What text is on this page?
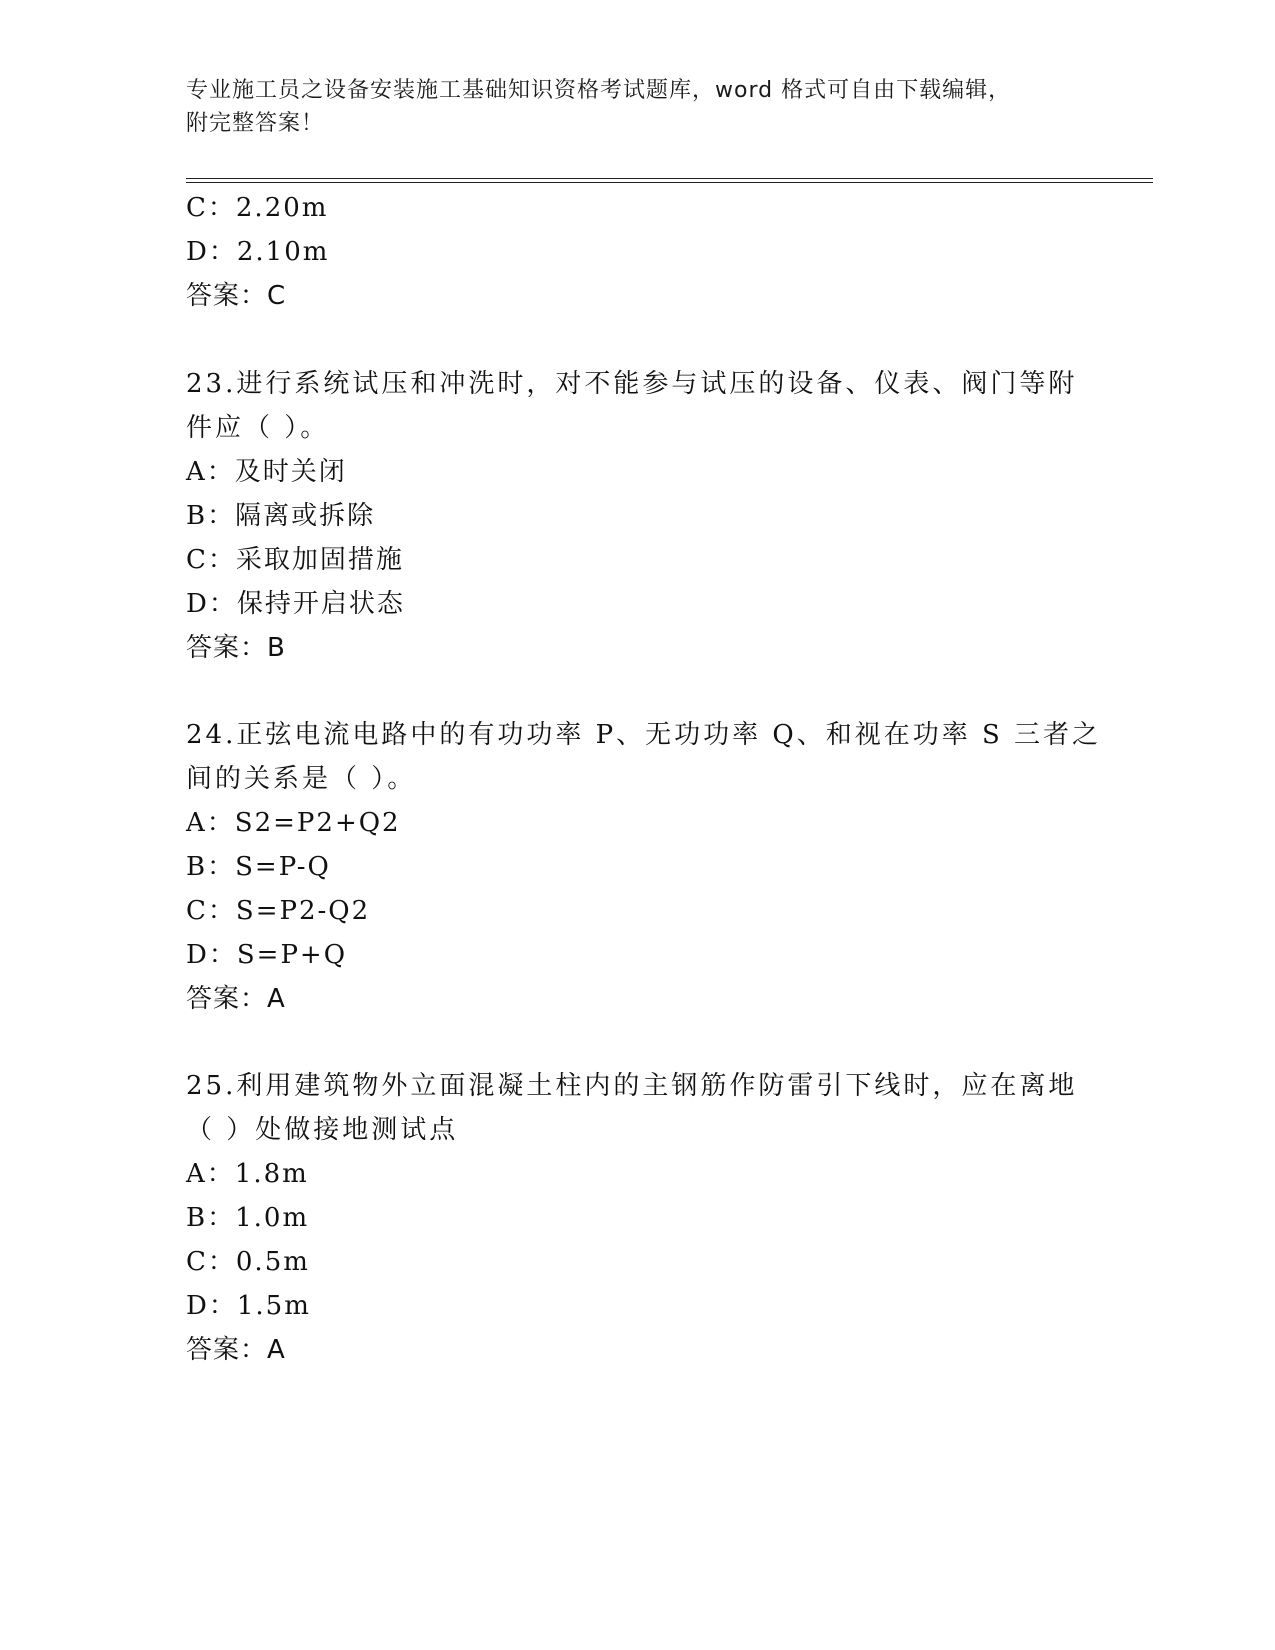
专业施工员之设备安装施工基础知识资格考试题库，word 格式可自由下载编辑，
附完整答案！
C：2.20m
D：2.10m
答案：C
23.进行系统试压和冲洗时，对不能参与试压的设备、仪表、阀门等附
件应（ ）。
A：及时关闭
B：隔离或拆除
C：采取加固措施
D：保持开启状态
答案：B
24.正弦电流电路中的有功功率 P、无功功率 Q、和视在功率 S 三者之
间的关系是（ ）。
A：S2=P2+Q2
B：S=P-Q
C：S=P2-Q2
D：S=P+Q
答案：A
25.利用建筑物外立面混凝土柱内的主钢筋作防雷引下线时，应在离地
（ ）处做接地测试点
A：1.8m
B：1.0m
C：0.5m
D：1.5m
答案：A
